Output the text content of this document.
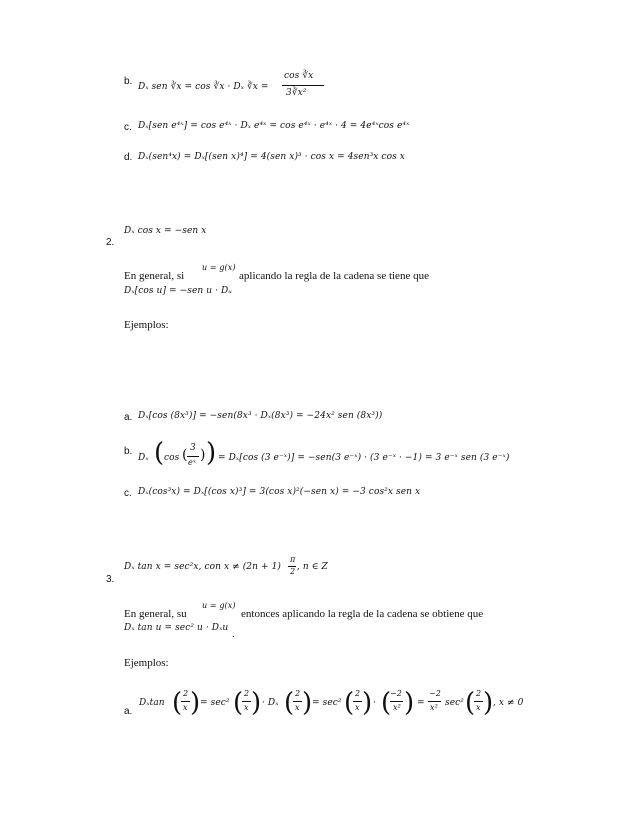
b. Dₓ sen ∛x = cos ∛x · Dₓ ∛x =
cos ∛x
3∛x²
c. Dₓ[sen e⁴ˣ] = cos e⁴ˣ · Dₓ e⁴ˣ = cos e⁴ˣ · e⁴ˣ · 4 = 4e⁴ˣcos e⁴ˣ
d. Dₓ(sen⁴x) = Dₓ[(sen x)⁴] = 4(sen x)³ · cos x = 4sen³x cos x
Dₓ cos x = −sen x
2.
u = g(x)
En general, si	aplicando la regla de la cadena se tiene que
Dₓ[cos u] = −sen u · Dᵤ
Ejemplos:
a. Dₓ[cos (8x³)] = −sen(8x³ · Dₓ(8x³) = −24x² sen (8x³))
b.
Dₓ ( cos ( 3
eˣ ) ) = Dₓ[cos (3 e⁻ˣ)] = −sen(3 e⁻ˣ) · (3 e⁻ˣ · −1) = 3 e⁻ˣ sen (3 e⁻ˣ)
c. Dₓ(cos³x) = Dₓ[(cos x)³] = 3(cos x)²(−sen x) = −3 cos²x sen x
Dₓ tan x = sec²x, con x ≠ (2n + 1)
π
2 , n ∈ Z
3.
u = g(x)
En general, su	entonces aplicando la regla de la cadena se obtiene que
Dₓ tan u = sec² u · Dₓu .
Ejemplos:
a.
Dₓtan ( 2
x ) = sec² ( 2
x ) · Dₓ ( 2
x ) = sec² ( 2
x ) · (
−2
x² ) =
−2
x² sec² ( 2
x ) , x ≠ 0
